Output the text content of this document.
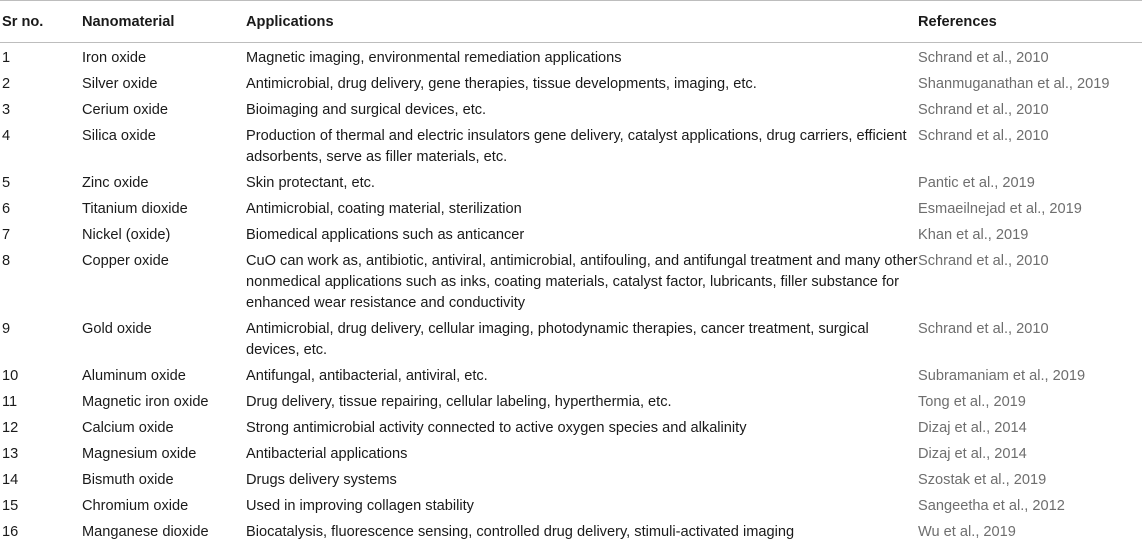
Sr no.	Nanomaterial	Applications	References
1	Iron oxide	Magnetic imaging, environmental remediation applications	Schrand et al., 2010
2	Silver oxide	Antimicrobial, drug delivery, gene therapies, tissue developments, imaging, etc.	Shanmuganathan et al., 2019
3	Cerium oxide	Bioimaging and surgical devices, etc.	Schrand et al., 2010
4	Silica oxide	Production of thermal and electric insulators gene delivery, catalyst applications, drug carriers, efficient adsorbents, serve as filler materials, etc.	Schrand et al., 2010
5	Zinc oxide	Skin protectant, etc.	Pantic et al., 2019
6	Titanium dioxide	Antimicrobial, coating material, sterilization	Esmaeilnejad et al., 2019
7	Nickel (oxide)	Biomedical applications such as anticancer	Khan et al., 2019
8	Copper oxide	CuO can work as, antibiotic, antiviral, antimicrobial, antifouling, and antifungal treatment and many other nonmedical applications such as inks, coating materials, catalyst factor, lubricants, filler substance for enhanced wear resistance and conductivity	Schrand et al., 2010
9	Gold oxide	Antimicrobial, drug delivery, cellular imaging, photodynamic therapies, cancer treatment, surgical devices, etc.	Schrand et al., 2010
10	Aluminum oxide	Antifungal, antibacterial, antiviral, etc.	Subramaniam et al., 2019
11	Magnetic iron oxide	Drug delivery, tissue repairing, cellular labeling, hyperthermia, etc.	Tong et al., 2019
12	Calcium oxide	Strong antimicrobial activity connected to active oxygen species and alkalinity	Dizaj et al., 2014
13	Magnesium oxide	Antibacterial applications	Dizaj et al., 2014
14	Bismuth oxide	Drugs delivery systems	Szostak et al., 2019
15	Chromium oxide	Used in improving collagen stability	Sangeetha et al., 2012
16	Manganese dioxide	Biocatalysis, fluorescence sensing, controlled drug delivery, stimuli-activated imaging	Wu et al., 2019
